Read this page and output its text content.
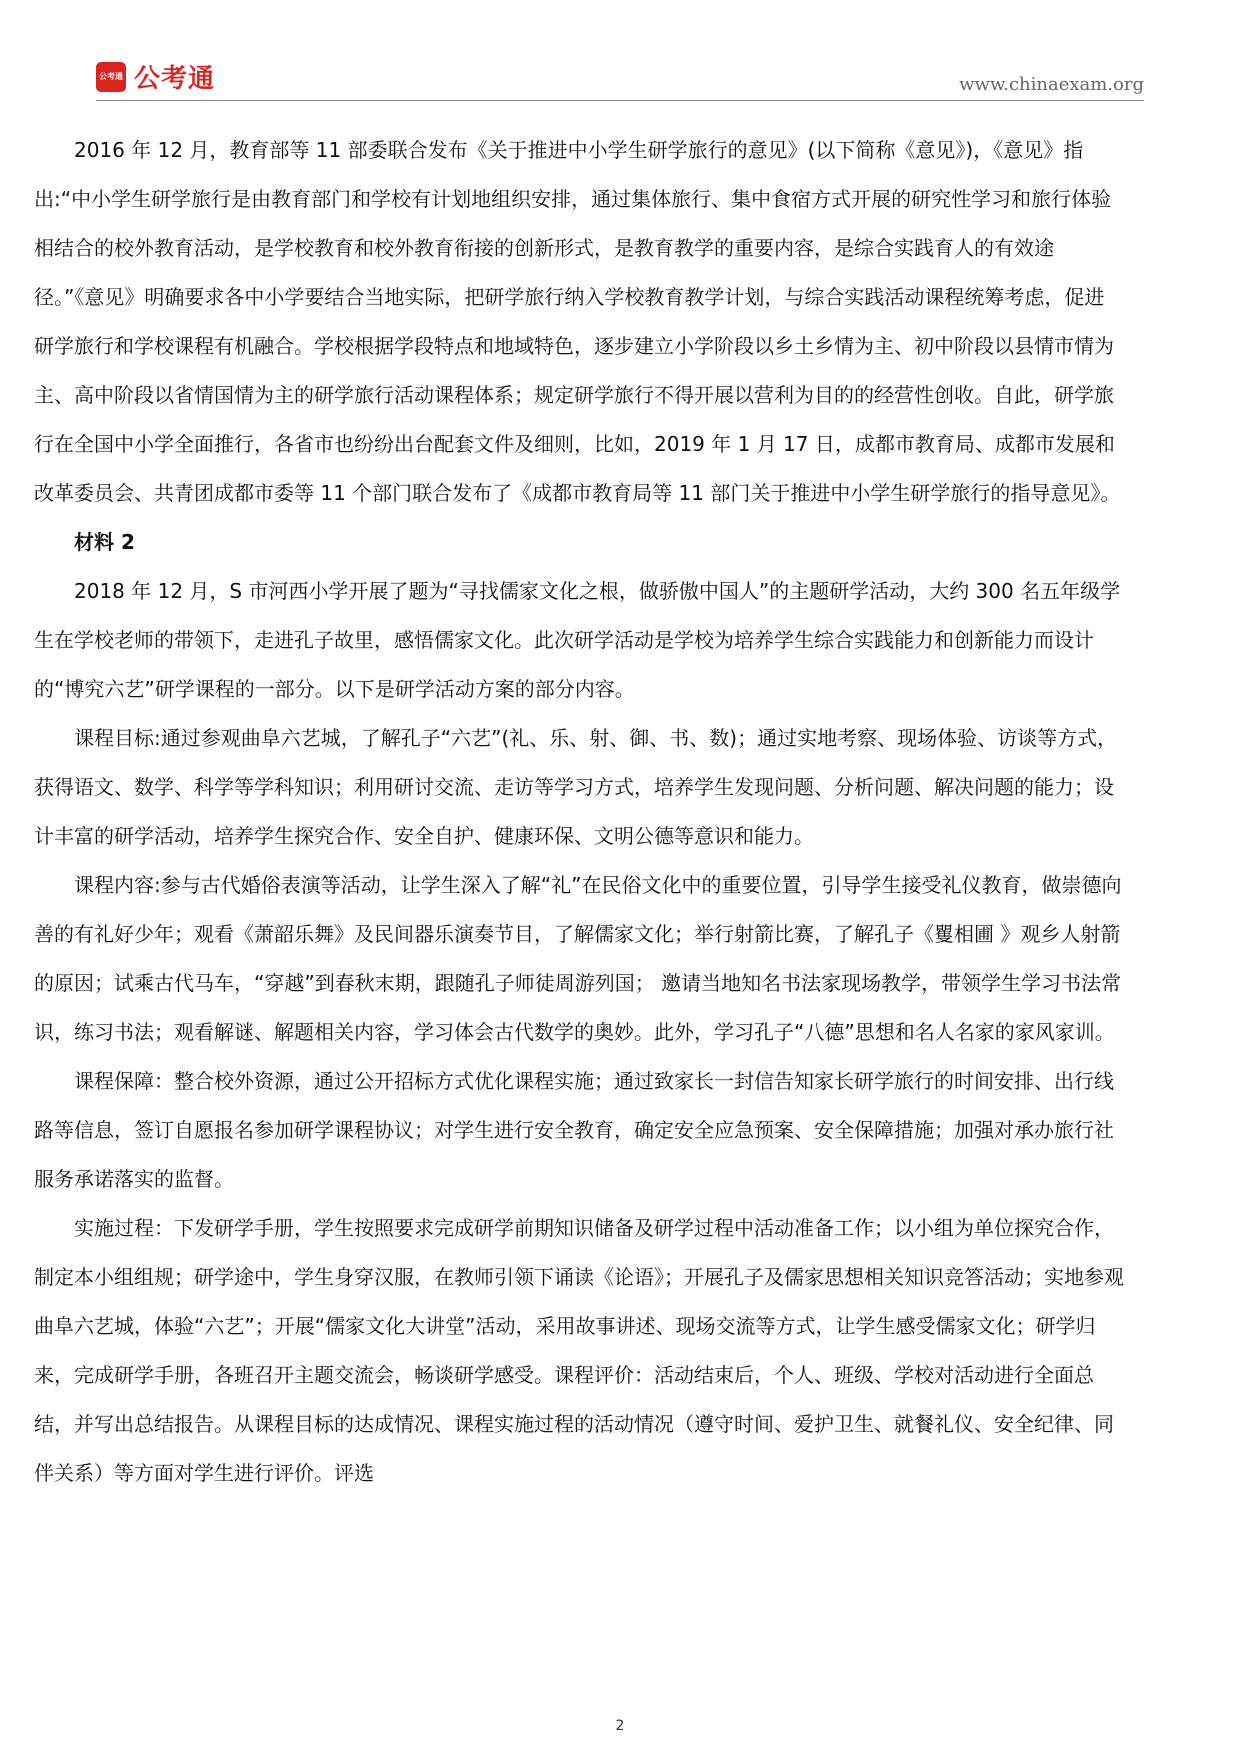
公考通 公考通	www.chinaexam.org

2016 年 12 月，教育部等 11 部委联合发布《关于推进中小学生研学旅行的意见》(以下简称《意见》)，《意见》指出:“中小学生研学旅行是由教育部门和学校有计划地组织安排，通过集体旅行、集中食宿方式开展的研究性学习和旅行体验相结合的校外教育活动，是学校教育和校外教育衔接的创新形式，是教育教学的重要内容，是综合实践育人的有效途径。”《意见》明确要求各中小学要结合当地实际，把研学旅行纳入学校教育教学计划，与综合实践活动课程统筹考虑，促进研学旅行和学校课程有机融合。学校根据学段特点和地域特色，逐步建立小学阶段以乡土乡情为主、初中阶段以县情市情为主、高中阶段以省情国情为主的研学旅行活动课程体系；规定研学旅行不得开展以营利为目的的经营性创收。自此，研学旅行在全国中小学全面推行，各省市也纷纷出台配套文件及细则，比如，2019 年 1 月 17 日，成都市教育局、成都市发展和改革委员会、共青团成都市委等 11 个部门联合发布了《成都市教育局等 11 部门关于推进中小学生研学旅行的指导意见》。

材料 2

2018 年 12 月，S 市河西小学开展了题为“寻找儒家文化之根，做骄傲中国人”的主题研学活动，大约 300 名五年级学生在学校老师的带领下，走进孔子故里，感悟儒家文化。此次研学活动是学校为培养学生综合实践能力和创新能力而设计的“博究六艺”研学课程的一部分。以下是研学活动方案的部分内容。

课程目标:通过参观曲阜六艺城，了解孔子“六艺”(礼、乐、射、御、书、数)；通过实地考察、现场体验、访谈等方式，获得语文、数学、科学等学科知识；利用研讨交流、走访等学习方式，培养学生发现问题、分析问题、解决问题的能力；设计丰富的研学活动，培养学生探究合作、安全自护、健康环保、文明公德等意识和能力。

课程内容:参与古代婚俗表演等活动，让学生深入了解“礼”在民俗文化中的重要位置，引导学生接受礼仪教育，做崇德向善的有礼好少年；观看《萧韶乐舞》及民间器乐演奏节目，了解儒家文化；举行射箭比赛，了解孔子《矍相圃 》观乡人射箭的原因；试乘古代马车，“穿越”到春秋末期，跟随孔子师徒周游列国； 邀请当地知名书法家现场教学，带领学生学习书法常识，练习书法；观看解谜、解题相关内容，学习体会古代数学的奥妙。此外，学习孔子“八德”思想和名人名家的家风家训。

课程保障：整合校外资源，通过公开招标方式优化课程实施；通过致家长一封信告知家长研学旅行的时间安排、出行线路等信息，签订自愿报名参加研学课程协议；对学生进行安全教育，确定安全应急预案、安全保障措施；加强对承办旅行社服务承诺落实的监督。

实施过程：下发研学手册，学生按照要求完成研学前期知识储备及研学过程中活动准备工作；以小组为单位探究合作，制定本小组组规；研学途中，学生身穿汉服，在教师引领下诵读《论语》；开展孔子及儒家思想相关知识竞答活动；实地参观曲阜六艺城，体验“六艺”；开展“儒家文化大讲堂”活动，采用故事讲述、现场交流等方式，让学生感受儒家文化；研学归来，完成研学手册，各班召开主题交流会，畅谈研学感受。课程评价：活动结束后，个人、班级、学校对活动进行全面总结，并写出总结报告。从课程目标的达成情况、课程实施过程的活动情况（遵守时间、爱护卫生、就餐礼仪、安全纪律、同伴关系）等方面对学生进行评价。评选

2
